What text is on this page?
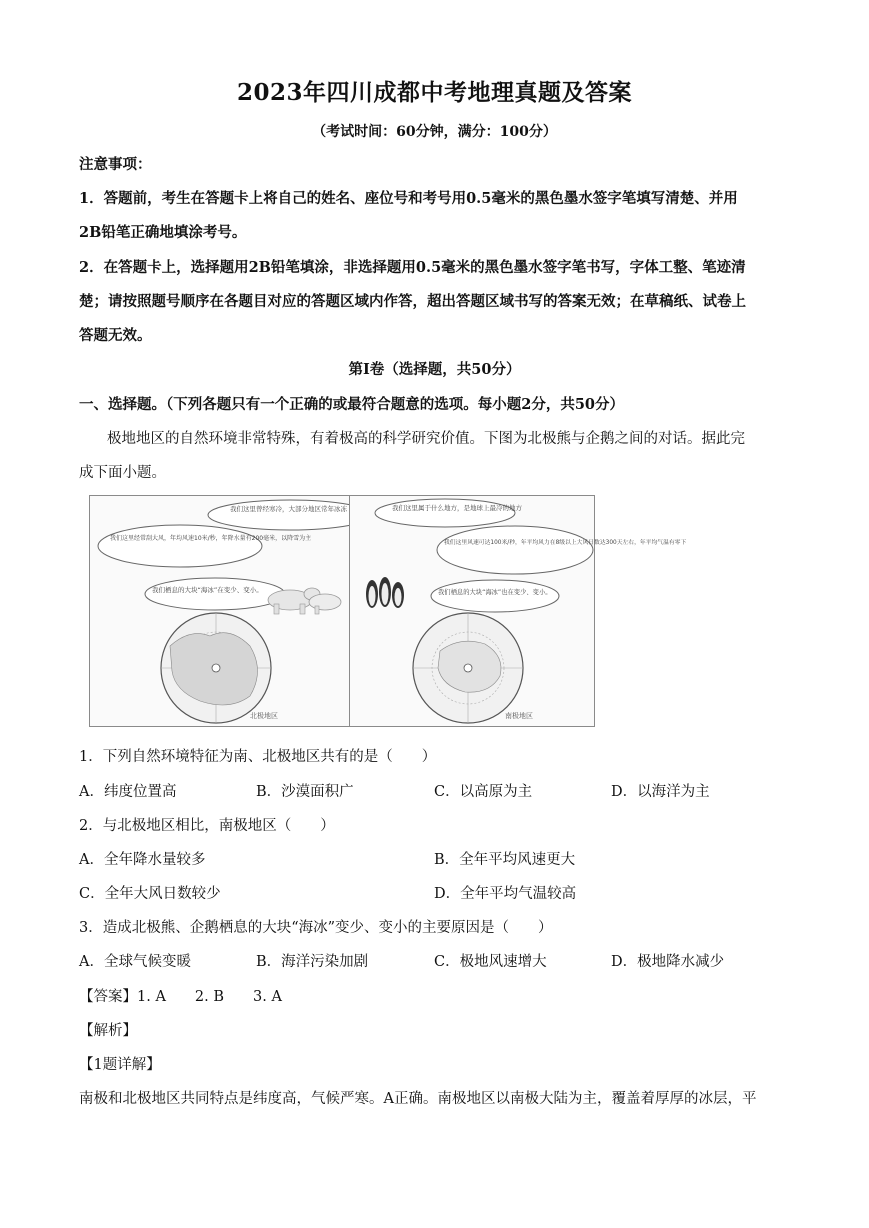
2023年四川成都中考地理真题及答案
（考试时间：60分钟，满分：100分）
注意事项：
1．答题前，考生在答题卡上将自己的姓名、座位号和考号用0.5毫米的黑色墨水签字笔填写清楚、并用
2B铅笔正确地填涂考号。
2．在答题卡上，选择题用2B铅笔填涂，非选择题用0.5毫米的黑色墨水签字笔书写，字体工整、笔迹清
楚；请按照题号顺序在各题目对应的答题区域内作答，超出答题区域书写的答案无效；在草稿纸、试卷上
答题无效。
第Ⅰ卷（选择题，共50分）
一、选择题。（下列各题只有一个正确的或最符合题意的选项。每小题2分，共50分）
极地地区的自然环境非常特殊，有着极高的科学研究价值。下图为北极熊与企鹅之间的对话。据此完
成下面小题。
我们这里曾经寒冷，大部分地区常年冰冻
我们这里经常刮大风，年均风速10米/秒，年降水量有200毫米，以降雪为主
我们栖息的大块“海冰”在变少、变小。
北极地区
我们这里属于什么地方，是地球上最冷的地方
我们这里风速可达100米/秒，年平均风力在8级以上大风日数达300天左右，年平均气温有零下
我们栖息的大块“海冰”也在变少、变小。
南极地区
1．下列自然环境特征为南、北极地区共有的是（　　）
A．纬度位置高	B．沙漠面积广	C．以高原为主	D．以海洋为主
2．与北极地区相比，南极地区（　　）
A．全年降水量较多	B．全年平均风速更大
C．全年大风日数较少	D．全年平均气温较高
3．造成北极熊、企鹅栖息的大块“海冰”变少、变小的主要原因是（　　）
A．全球气候变暖	B．海洋污染加剧	C．极地风速增大	D．极地降水减少
【答案】1. A　　2. B　　3. A
【解析】
【1题详解】
南极和北极地区共同特点是纬度高，气候严寒。A正确。南极地区以南极大陆为主，覆盖着厚厚的冰层，平
